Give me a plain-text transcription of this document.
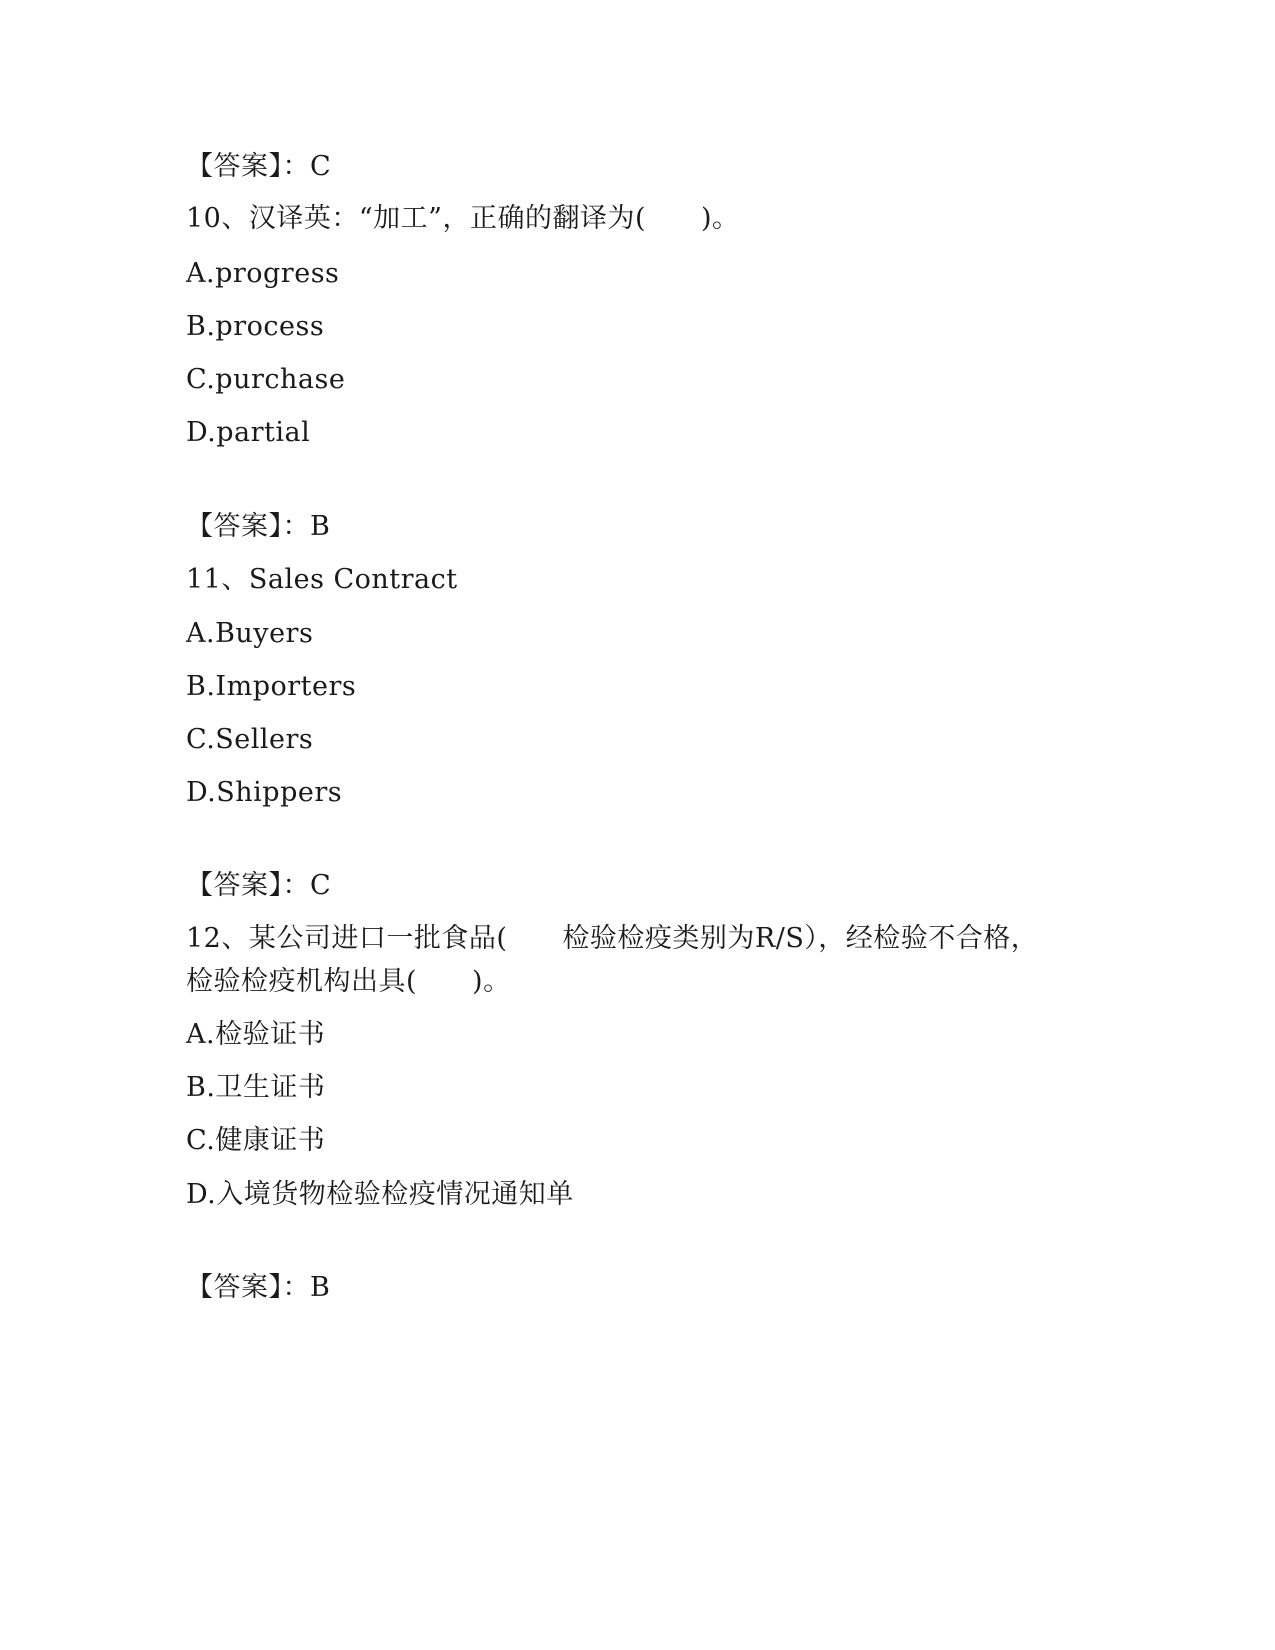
【答案】：C
10、汉译英：“加工”，正确的翻译为(　　)。
A.progress
B.process
C.purchase
D.partial
【答案】：B
11、Sales Contract
A.Buyers
B.Importers
C.Sellers
D.Shippers
【答案】：C
12、某公司进口一批食品(　　检验检疫类别为R/S），经检验不合格，
检验检疫机构出具(　　)。
A.检验证书
B.卫生证书
C.健康证书
D.入境货物检验检疫情况通知单
【答案】：B
